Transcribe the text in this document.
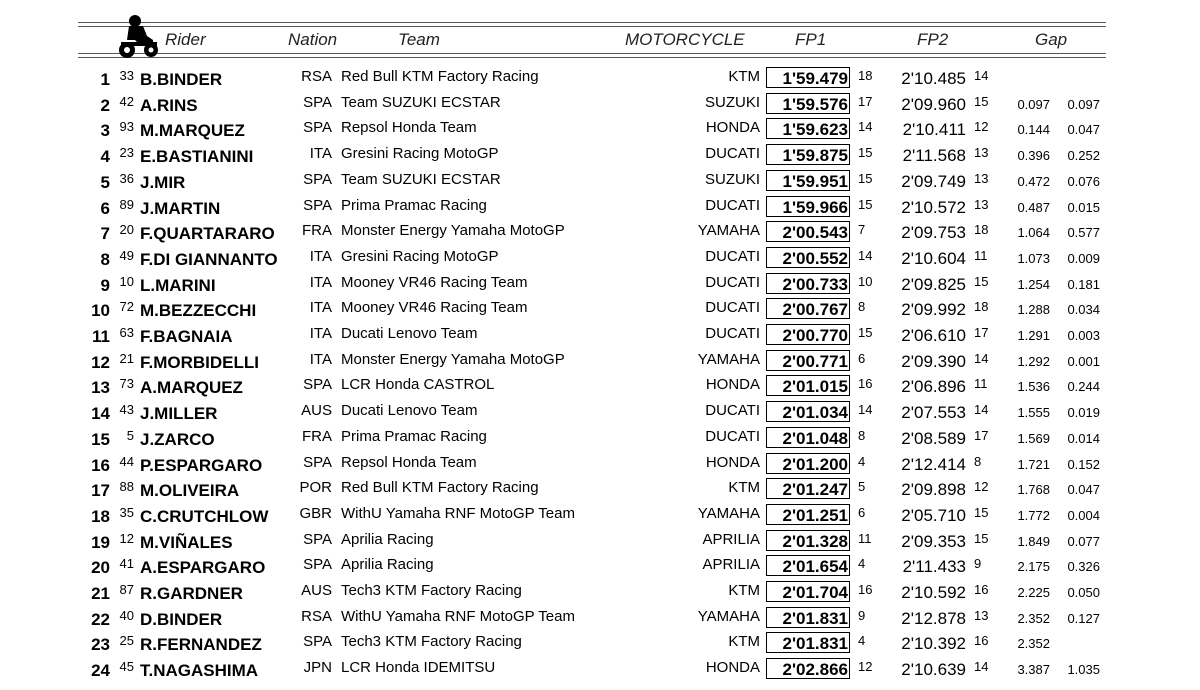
Rider	Nation	Team	MOTORCYCLE	FP1	FP2	Gap
1 33 B.BINDER	RSA Red Bull KTM Factory Racing	KTM	1'59.479 18	2'10.485 14
2 42 A.RINS	SPA Team SUZUKI ECSTAR	SUZUKI	1'59.576 17	2'09.960 15	0.097	0.097
3 93 M.MARQUEZ	SPA Repsol Honda Team	HONDA	1'59.623 14	2'10.411 12	0.144	0.047
4 23 E.BASTIANINI	ITA Gresini Racing MotoGP	DUCATI	1'59.875 15	2'11.568 13	0.396	0.252
5 36 J.MIR	SPA Team SUZUKI ECSTAR	SUZUKI	1'59.951 15	2'09.749 13	0.472	0.076
6 89 J.MARTIN	SPA Prima Pramac Racing	DUCATI	1'59.966 15	2'10.572 13	0.487	0.015
7 20 F.QUARTARARO	FRA Monster Energy Yamaha MotoGP	YAMAHA	2'00.543 7	2'09.753 18	1.064	0.577
8 49 F.DI GIANNANTO	ITA Gresini Racing MotoGP	DUCATI	2'00.552 14	2'10.604 11	1.073	0.009
9 10 L.MARINI	ITA Mooney VR46 Racing Team	DUCATI	2'00.733 10	2'09.825 15	1.254	0.181
10 72 M.BEZZECCHI	ITA Mooney VR46 Racing Team	DUCATI	2'00.767 8	2'09.992 18	1.288	0.034
11 63 F.BAGNAIA	ITA Ducati Lenovo Team	DUCATI	2'00.770 15	2'06.610 17	1.291	0.003
12 21 F.MORBIDELLI	ITA Monster Energy Yamaha MotoGP	YAMAHA	2'00.771 6	2'09.390 14	1.292	0.001
13 73 A.MARQUEZ	SPA LCR Honda CASTROL	HONDA	2'01.015 16	2'06.896 11	1.536	0.244
14 43 J.MILLER	AUS Ducati Lenovo Team	DUCATI	2'01.034 14	2'07.553 14	1.555	0.019
15	5 J.ZARCO	FRA Prima Pramac Racing	DUCATI	2'01.048 8	2'08.589 17	1.569	0.014
16 44 P.ESPARGARO	SPA Repsol Honda Team	HONDA	2'01.200 4	2'12.414 8	1.721	0.152
17 88 M.OLIVEIRA	POR Red Bull KTM Factory Racing	KTM	2'01.247 5	2'09.898 12	1.768	0.047
18 35 C.CRUTCHLOW	GBR WithU Yamaha RNF MotoGP Team	YAMAHA	2'01.251 6	2'05.710 15	1.772	0.004
19 12 M.VIÑALES	SPA Aprilia Racing	APRILIA	2'01.328 11	2'09.353 15	1.849	0.077
20 41 A.ESPARGARO	SPA Aprilia Racing	APRILIA	2'01.654 4	2'11.433 9	2.175	0.326
21 87 R.GARDNER	AUS Tech3 KTM Factory Racing	KTM	2'01.704 16	2'10.592 16	2.225	0.050
22 40 D.BINDER	RSA WithU Yamaha RNF MotoGP Team	YAMAHA	2'01.831 9	2'12.878 13	2.352	0.127
23 25 R.FERNANDEZ	SPA Tech3 KTM Factory Racing	KTM	2'01.831 4	2'10.392 16	2.352
24 45 T.NAGASHIMA	JPN LCR Honda IDEMITSU	HONDA	2'02.866 12	2'10.639 14	3.387	1.035
